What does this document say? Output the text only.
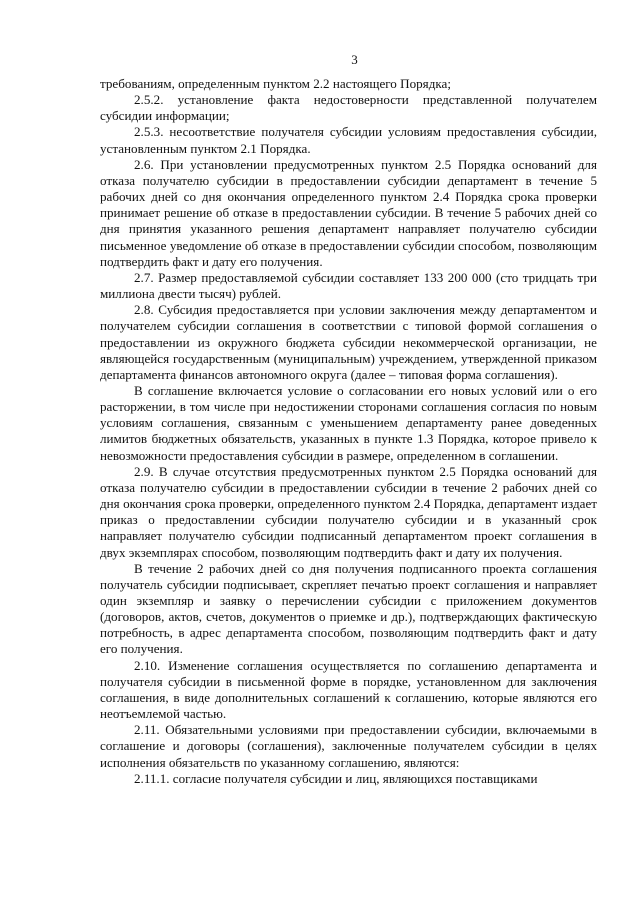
3

требованиям, определенным пунктом 2.2 настоящего Порядка;

2.5.2. установление факта недостоверности представленной получателем субсидии информации;

2.5.3. несоответствие получателя субсидии условиям предоставления субсидии, установленным пунктом 2.1 Порядка.

2.6. При установлении предусмотренных пунктом 2.5 Порядка оснований для отказа получателю субсидии в предоставлении субсидии департамент в течение 5 рабочих дней со дня окончания определенного пунктом 2.4 Порядка срока проверки принимает решение об отказе в предоставлении субсидии. В течение 5 рабочих дней со дня принятия указанного решения департамент направляет получателю субсидии письменное уведомление об отказе в предоставлении субсидии способом, позволяющим подтвердить факт и дату его получения.

2.7. Размер предоставляемой субсидии составляет 133 200 000 (сто тридцать три миллиона двести тысяч) рублей.

2.8. Субсидия предоставляется при условии заключения между департаментом и получателем субсидии соглашения в соответствии с типовой формой соглашения о предоставлении из окружного бюджета субсидии некоммерческой организации, не являющейся государственным (муниципальным) учреждением, утвержденной приказом департамента финансов автономного округа (далее – типовая форма соглашения).

В соглашение включается условие о согласовании его новых условий или о его расторжении, в том числе при недостижении сторонами соглашения согласия по новым условиям соглашения, связанным с уменьшением департаменту ранее доведенных лимитов бюджетных обязательств, указанных в пункте 1.3 Порядка, которое привело к невозможности предоставления субсидии в размере, определенном в соглашении.

2.9. В случае отсутствия предусмотренных пунктом 2.5 Порядка оснований для отказа получателю субсидии в предоставлении субсидии в течение 2 рабочих дней со дня окончания срока проверки, определенного пунктом 2.4 Порядка, департамент издает приказ о предоставлении субсидии получателю субсидии и в указанный срок направляет получателю субсидии подписанный департаментом проект соглашения в двух экземплярах способом, позволяющим подтвердить факт и дату их получения.

В течение 2 рабочих дней со дня получения подписанного проекта соглашения получатель субсидии подписывает, скрепляет печатью проект соглашения и направляет один экземпляр и заявку о перечислении субсидии с приложением документов (договоров, актов, счетов, документов о приемке и др.), подтверждающих фактическую потребность, в адрес департамента способом, позволяющим подтвердить факт и дату его получения.

2.10. Изменение соглашения осуществляется по соглашению департамента и получателя субсидии в письменной форме в порядке, установленном для заключения соглашения, в виде дополнительных соглашений к соглашению, которые являются его неотъемлемой частью.

2.11. Обязательными условиями при предоставлении субсидии, включаемыми в соглашение и договоры (соглашения), заключенные получателем субсидии в целях исполнения обязательств по указанному соглашению, являются:

2.11.1. согласие получателя субсидии и лиц, являющихся поставщиками
